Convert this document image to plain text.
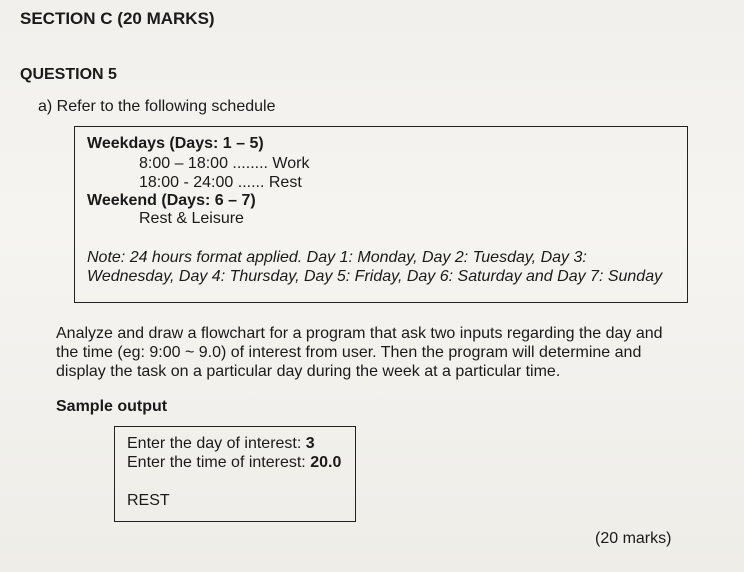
SECTION C (20 MARKS)
QUESTION 5
a) Refer to the following schedule
Weekdays (Days: 1 – 5)
8:00 – 18:00 ........ Work
18:00 - 24:00 ...... Rest
Weekend (Days: 6 – 7)
Rest & Leisure
Note: 24 hours format applied. Day 1: Monday, Day 2: Tuesday, Day 3:
Wednesday, Day 4: Thursday, Day 5: Friday, Day 6: Saturday and Day 7: Sunday
Analyze and draw a flowchart for a program that ask two inputs regarding the day and
the time (eg: 9:00 ~ 9.0) of interest from user. Then the program will determine and
display the task on a particular day during the week at a particular time.
Sample output
Enter the day of interest: 3
Enter the time of interest: 20.0
REST
(20 marks)
